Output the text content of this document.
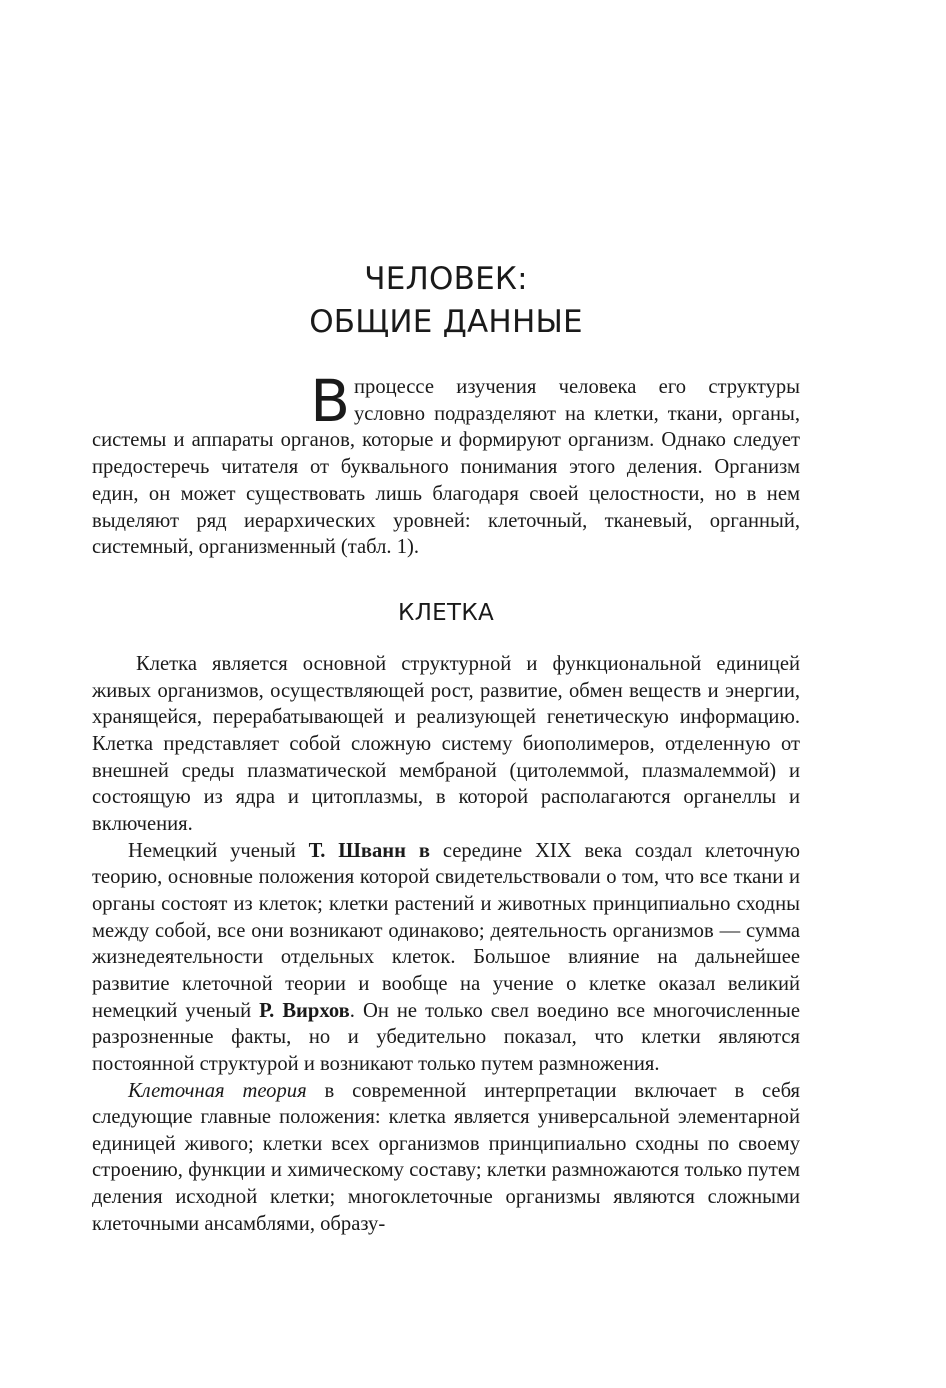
ЧЕЛОВЕК:
ОБЩИЕ ДАННЫЕ

В процессе изучения человека его структуры условно подразделяют на клетки, ткани, органы, системы и аппараты органов, которые и формируют организм. Однако следует предостеречь читателя от буквального понимания этого деления. Организм един, он может существовать лишь благодаря своей целостности, но в нем выделяют ряд иерархических уровней: клеточный, тканевый, органный, системный, организменный (табл. 1).

КЛЕТКА

Клетка является основной структурной и функциональной единицей живых организмов, осуществляющей рост, развитие, обмен веществ и энергии, хранящейся, перерабатывающей и реализующей генетическую информацию. Клетка представляет собой сложную систему биополимеров, отделенную от внешней среды плазматической мембраной (цитолеммой, плазмалеммой) и состоящую из ядра и цитоплазмы, в которой располагаются органеллы и включения.

Немецкий ученый Т. Шванн в середине XIX века создал клеточную теорию, основные положения которой свидетельствовали о том, что все ткани и органы состоят из клеток; клетки растений и животных принципиально сходны между собой, все они возникают одинаково; деятельность организмов — сумма жизнедеятельности отдельных клеток. Большое влияние на дальнейшее развитие клеточной теории и вообще на учение о клетке оказал великий немецкий ученый Р. Вирхов. Он не только свел воедино все многочисленные разрозненные факты, но и убедительно показал, что клетки являются постоянной структурой и возникают только путем размножения.

Клеточная теория в современной интерпретации включает в себя следующие главные положения: клетка является универсальной элементарной единицей живого; клетки всех организмов принципиально сходны по своему строению, функции и химическому составу; клетки размножаются только путем деления исходной клетки; многоклеточные организмы являются сложными клеточными ансамблями, образу-
